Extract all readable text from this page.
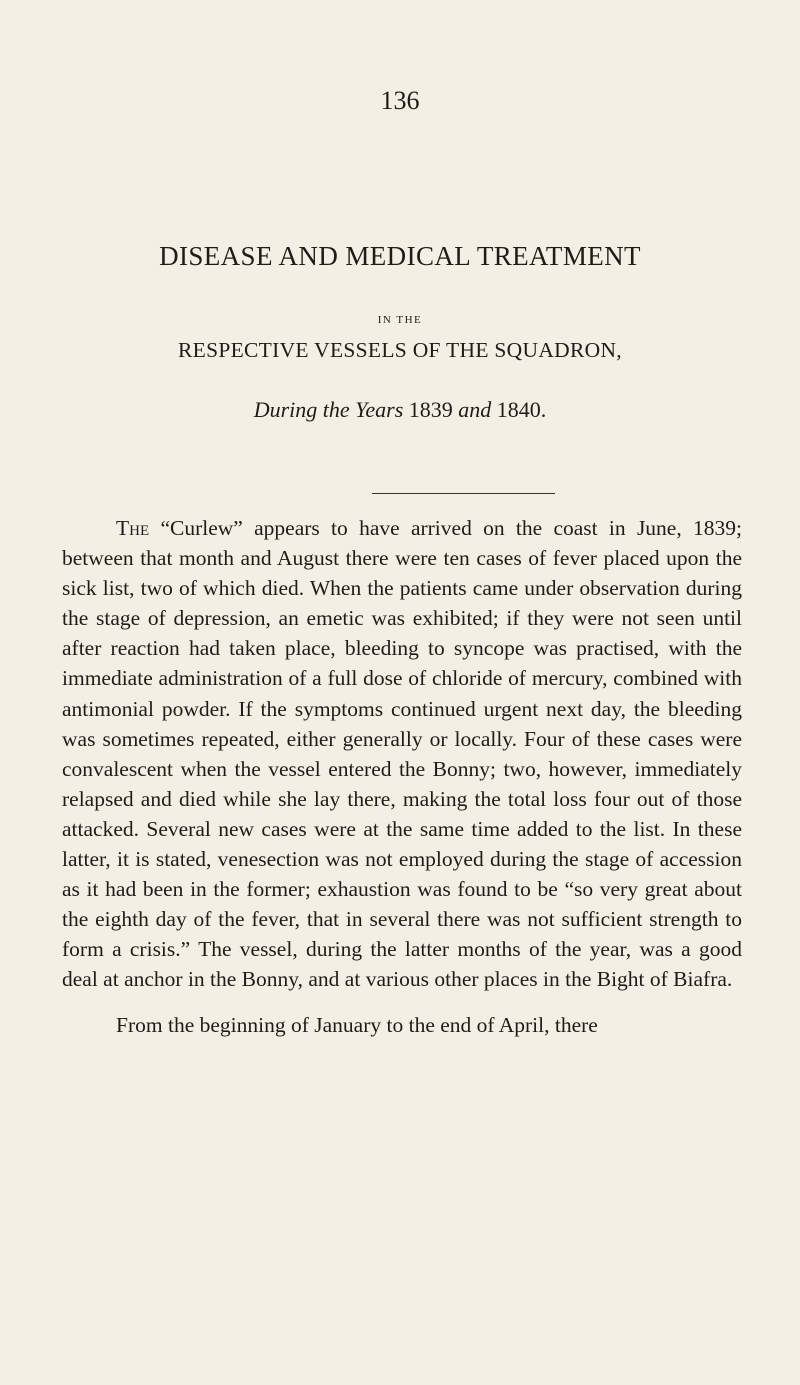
136
DISEASE AND MEDICAL TREATMENT
IN THE
RESPECTIVE VESSELS OF THE SQUADRON,
During the Years 1839 and 1840.

The “Curlew” appears to have arrived on the coast in June, 1839; between that month and August there were ten cases of fever placed upon the sick list, two of which died. When the patients came under observation during the stage of depression, an emetic was exhibited; if they were not seen until after reaction had taken place, bleeding to syncope was practised, with the immediate administration of a full dose of chloride of mercury, combined with antimonial powder. If the symptoms continued urgent next day, the bleeding was sometimes repeated, either generally or locally. Four of these cases were convalescent when the vessel entered the Bonny; two, however, immediately relapsed and died while she lay there, making the total loss four out of those attacked. Several new cases were at the same time added to the list. In these latter, it is stated, venesection was not employed during the stage of accession as it had been in the former; exhaustion was found to be “so very great about the eighth day of the fever, that in several there was not sufficient strength to form a crisis.” The vessel, during the latter months of the year, was a good deal at anchor in the Bonny, and at various other places in the Bight of Biafra.

From the beginning of January to the end of April, there
